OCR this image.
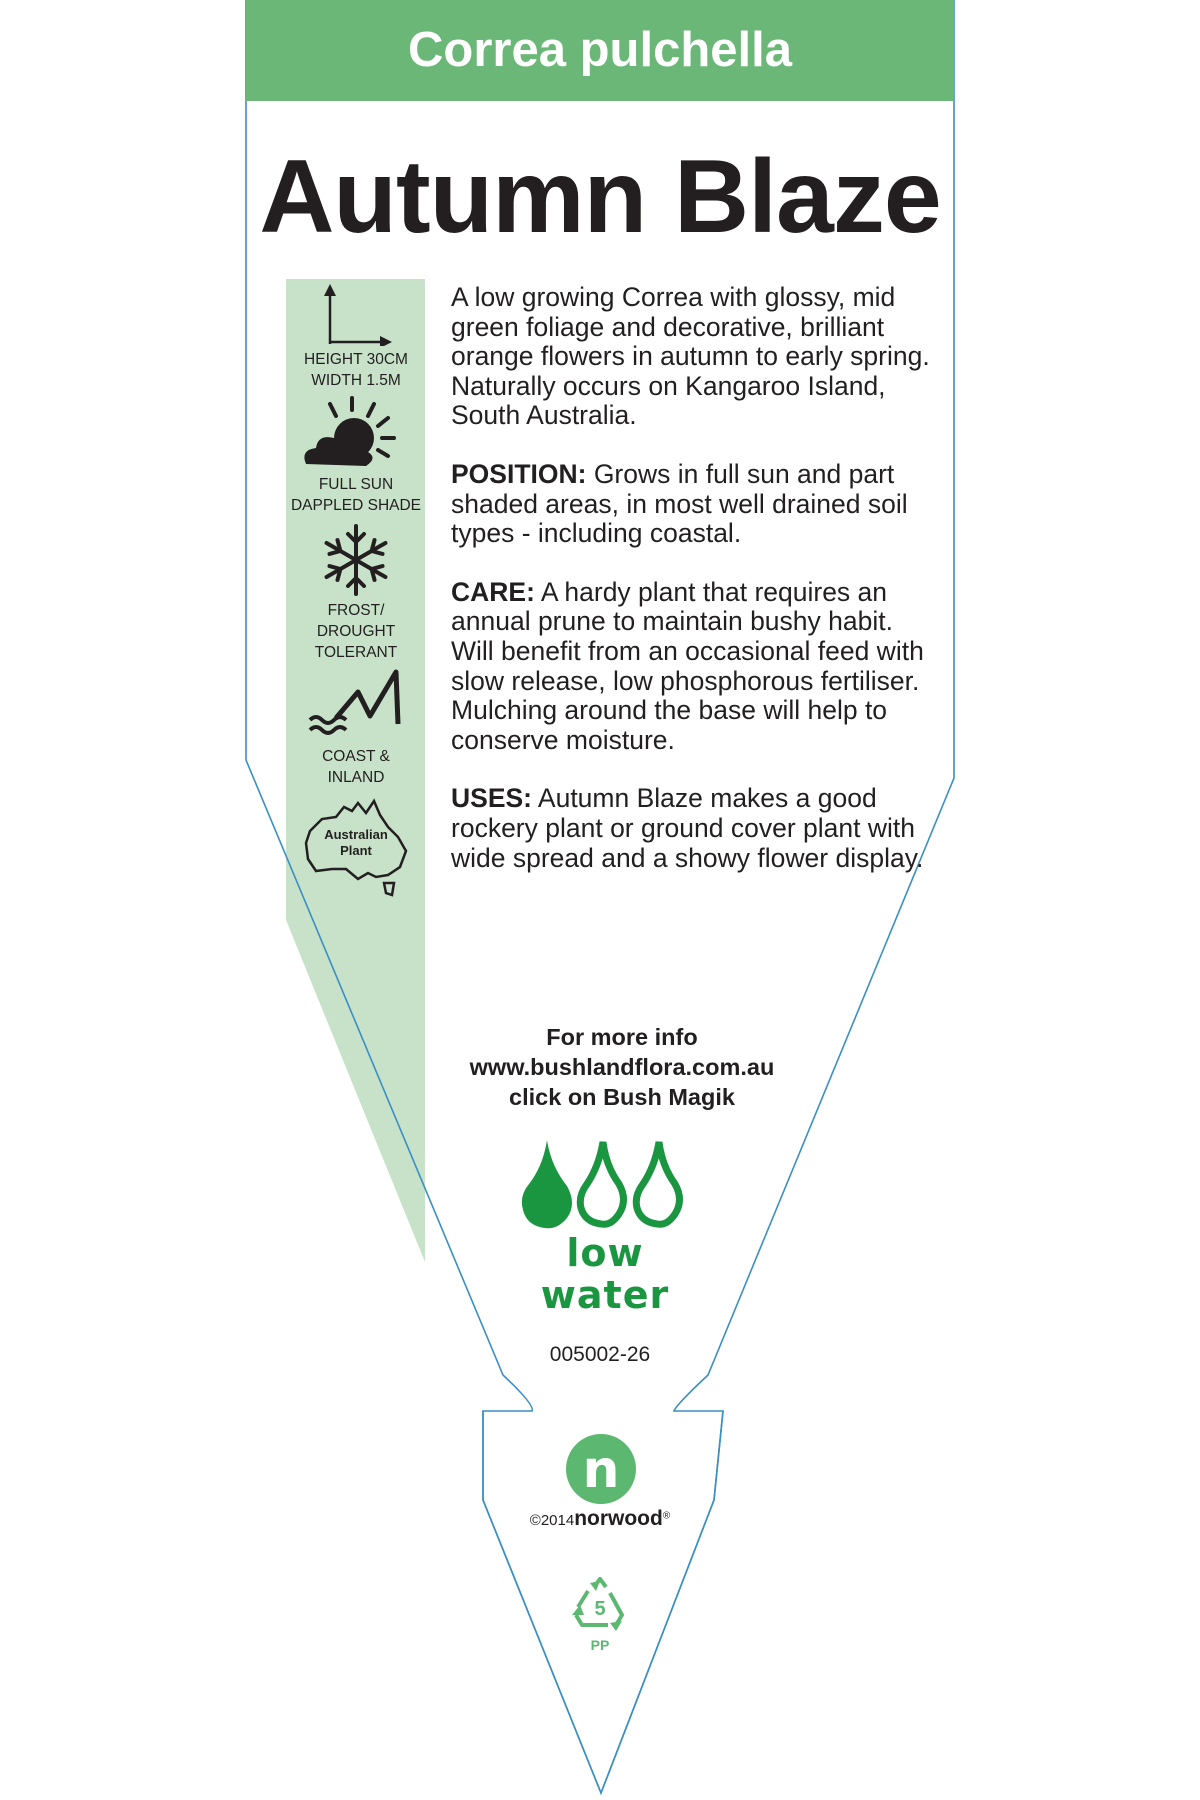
Correa pulchella
Autumn Blaze
HEIGHT 30CM
WIDTH 1.5M
FULL SUN
DAPPLED SHADE
FROST/
DROUGHT
TOLERANT
COAST &
INLAND
Australian
Plant

A low growing Correa with glossy, mid green foliage and decorative, brilliant orange flowers in autumn to early spring. Naturally occurs on Kangaroo Island, South Australia.

POSITION: Grows in full sun and part shaded areas, in most well drained soil types - including coastal.

CARE: A hardy plant that requires an annual prune to maintain bushy habit. Will benefit from an occasional feed with slow release, low phosphorous fertiliser. Mulching around the base will help to conserve moisture.

USES: Autumn Blaze makes a good rockery plant or ground cover plant with wide spread and a showy flower display.

For more info
www.bushlandflora.com.au
click on Bush Magik
low
water
005002-26
n
©2014norwood®
5
PP
